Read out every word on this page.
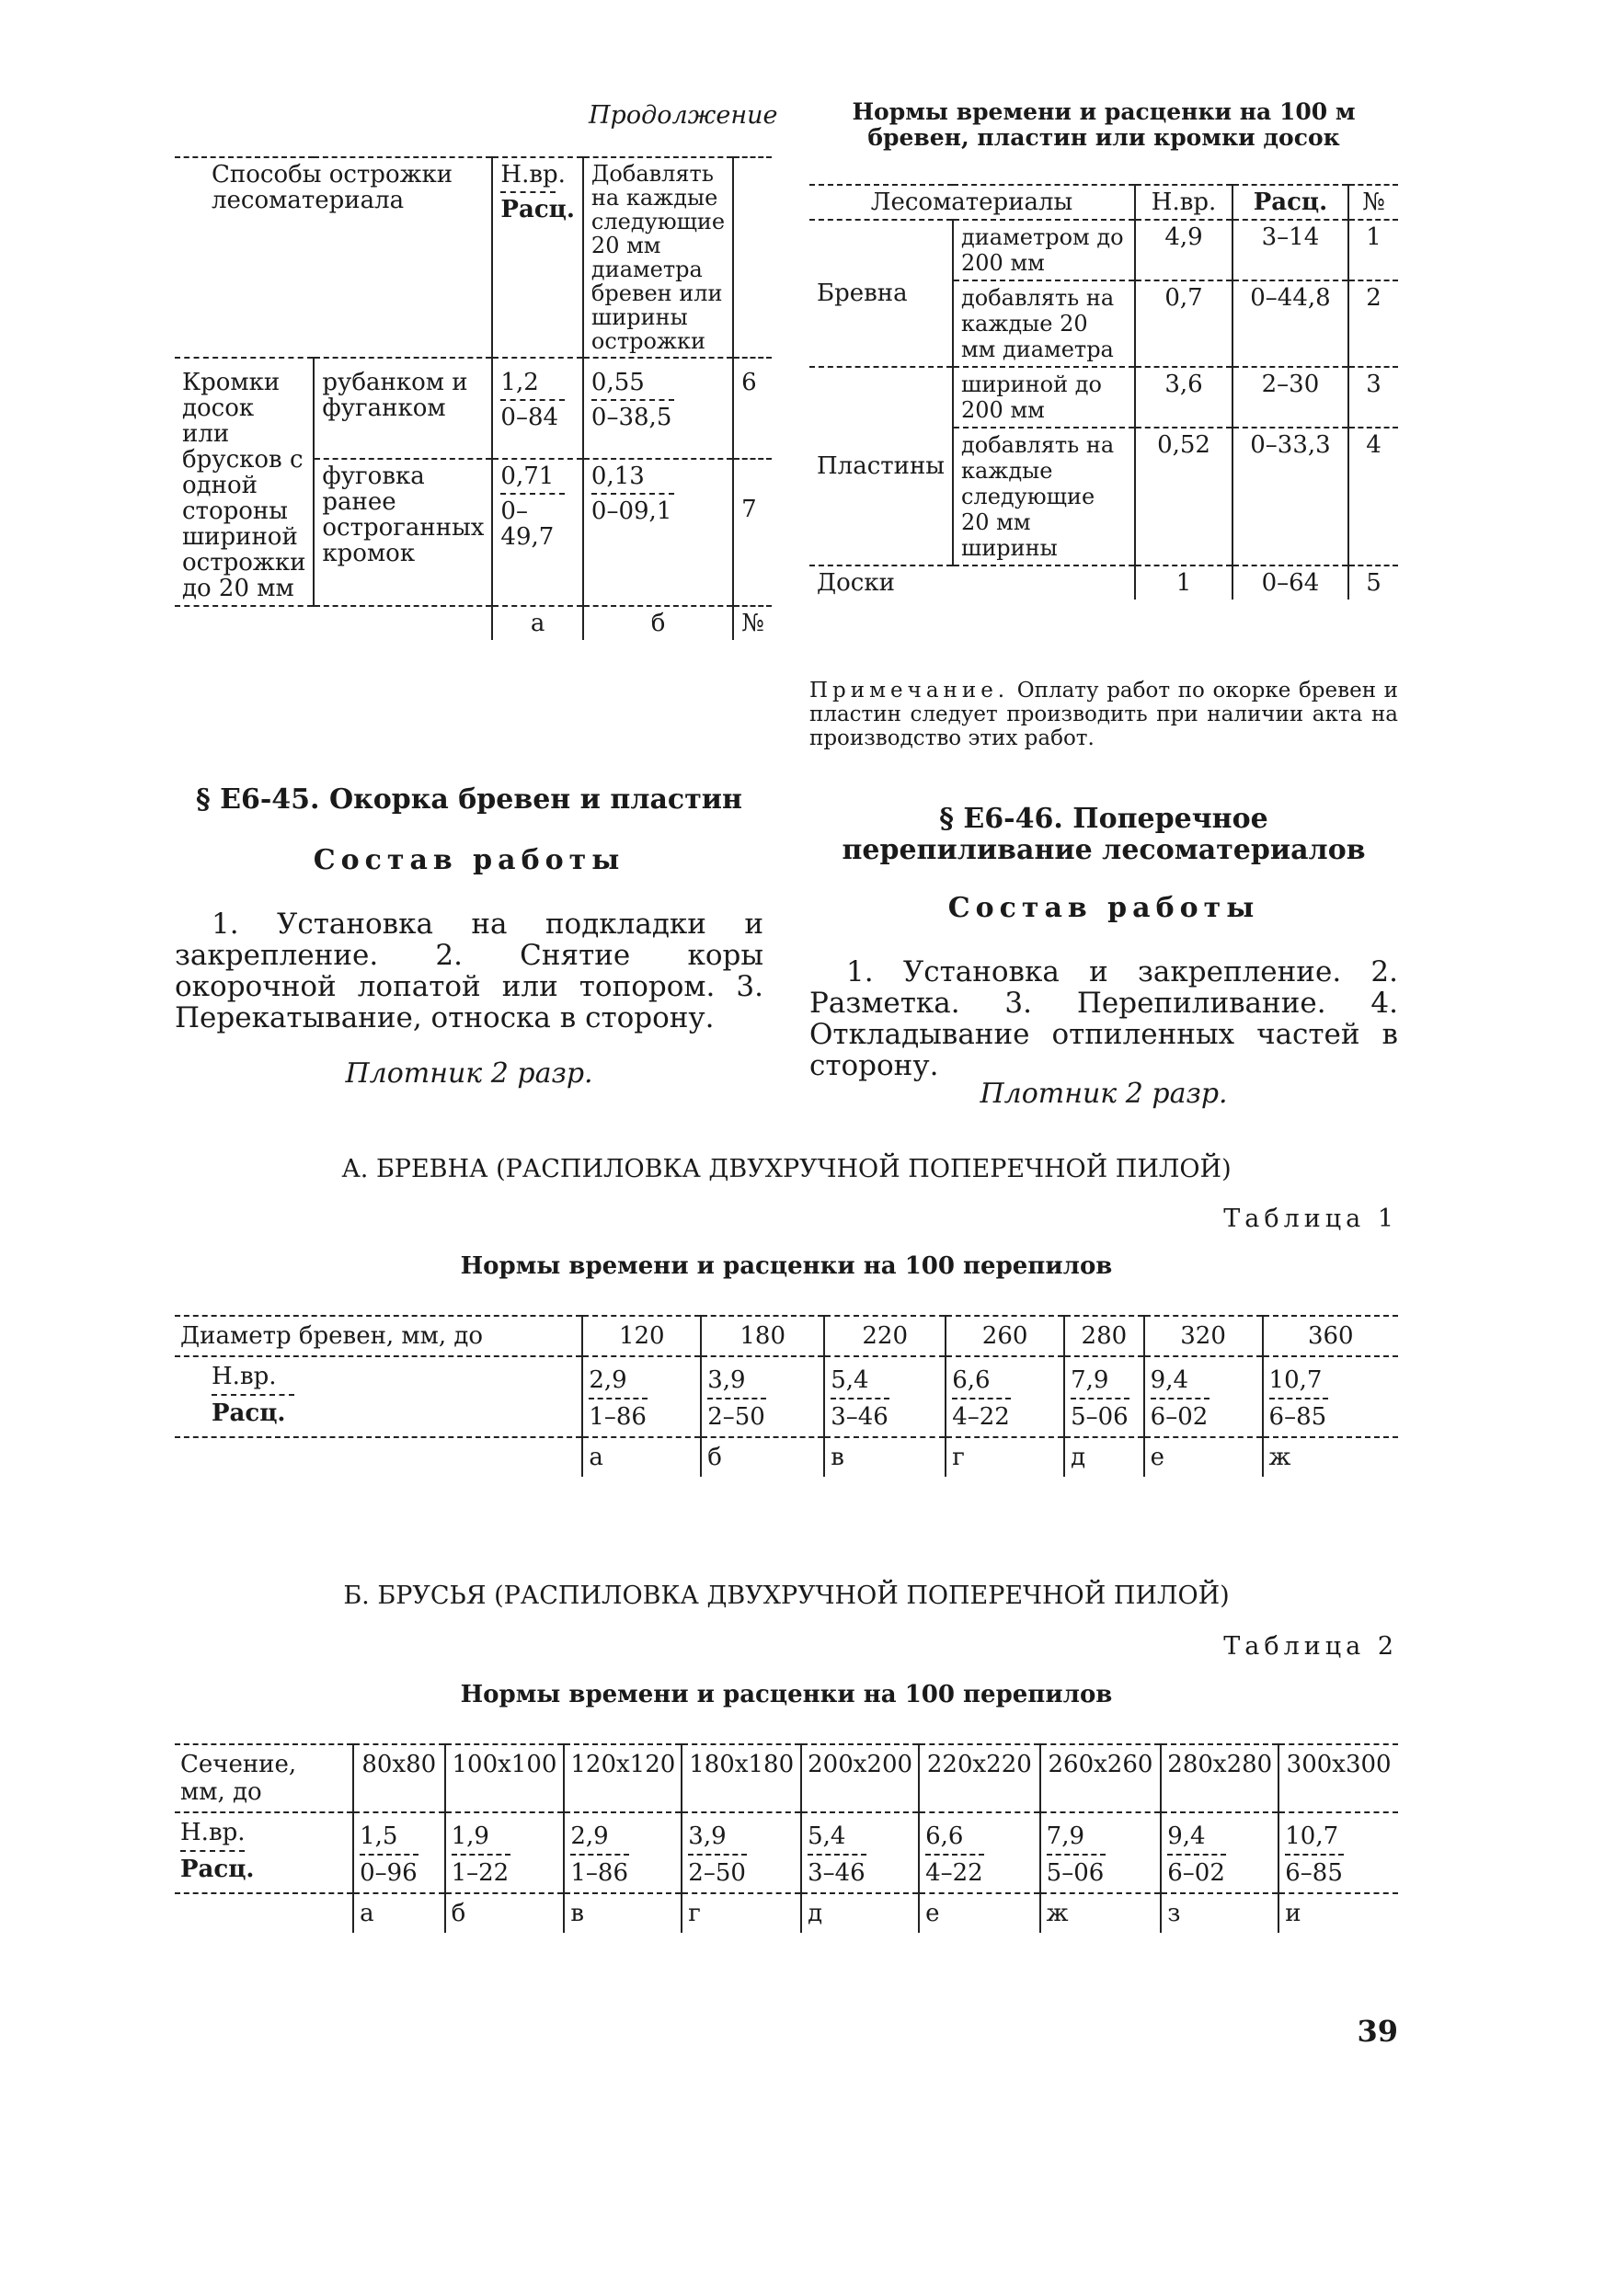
Продолжение
Способы острожки лесоматериала		$\frac{Н.вр.}{\text{Расц.}}$	Добавлять на каждые следующие 20 мм диаметра бревен или ширины острожки	
Кромки досок или брусков с одной стороны шириной острожки до 20 мм	рубанком и фуганком	$\frac{1,2}{0-84}$	$\frac{0,55}{0-38,5}$	6
	фуговка ранее острoганных кромок	$\frac{0,71}{0-49,7}$	$\frac{0,13}{0-09,1}$	7
		а	б	№
Нормы времени и расценки на 100 м бревен, пластин или кромки досок
Лесоматериалы		Н.вр.	Расц.	№
Бревна	диаметром до 200 мм	4,9	3–14	1
	добавлять на каждые 20 мм диаметра	0,7	0–44,8	2
Пластины	шириной до 200 мм	3,6	2–30	3
	добавлять на каждые следующие 20 мм ширины	0,52	0–33,3	4
Доски		1	0–64	5
Примечание. Оплату работ по окорке бревен и пластин следует производить при наличии акта на производство этих работ.
§ Е6-45. Окорка бревен и пластин
Состав работы
1. Установка на подкладки и закрепление. 2. Снятие коры окорочной лопатой или топором. 3. Перекатывание, относка в сторону.
Плотник 2 разр.
§ Е6-46. Поперечное перепиливание лесоматериалов
Состав работы
1. Установка и закрепление. 2. Разметка. 3. Перепиливание. 4. Откладывание отпиленных частей в сторону.
Плотник 2 разр.
А. БРЕВНА (РАСПИЛОВКА ДВУХРУЧНОЙ ПОПЕРЕЧНОЙ ПИЛОЙ)
Таблица 1
Нормы времени и расценки на 100 перепилов
Диаметр бревен, мм, до	120	180	220	260	280	320	360

$\frac{Н.вр.}{\text{Расц.}}$	$\frac{2,9}{1-86}$	$\frac{3,9}{2-50}$	$\frac{5,4}{3-46}$	$\frac{6,6}{4-22}$	$\frac{7,9}{5-06}$	$\frac{9,4}{6-02}$	$\frac{10,7}{6-85}$

	а	б	в	г	д	е	ж
Б. БРУСЬЯ (РАСПИЛОВКА ДВУХРУЧНОЙ ПОПЕРЕЧНОЙ ПИЛОЙ)
Таблица 2
Нормы времени и расценки на 100 перепилов
Сечение, мм, до	80х80	100х100	120х120	180х180	200х200	220х220	260х260	280х280	300х300

$\frac{Н.вр.}{\text{Расц.}}$	$\frac{1,5}{0-96}$	$\frac{1,9}{1-22}$	$\frac{2,9}{1-86}$	$\frac{3,9}{2-50}$	$\frac{5,4}{3-46}$	$\frac{6,6}{4-22}$	$\frac{7,9}{5-06}$	$\frac{9,4}{6-02}$	$\frac{10,7}{6-85}$

	а	б	в	г	д	е	ж	з	и
39
